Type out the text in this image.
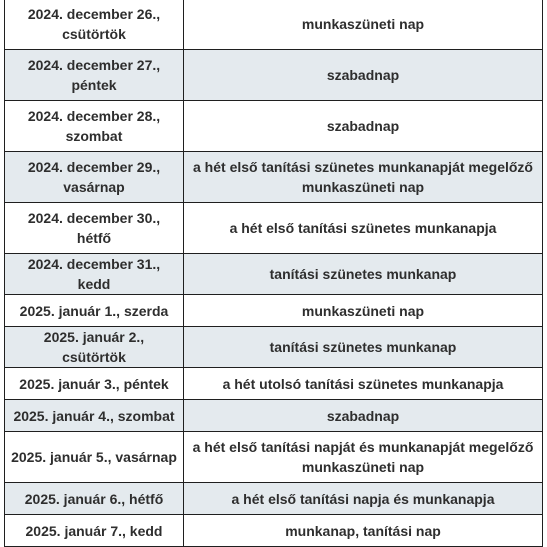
2024. december 26., csütörtök	munkaszüneti nap
2024. december 27., péntek	szabadnap
2024. december 28., szombat	szabadnap
2024. december 29., vasárnap	a hét első tanítási szünetes munkanapját megelőző munkaszüneti nap
2024. december 30., hétfő	a hét első tanítási szünetes munkanapja
2024. december 31., kedd	tanítási szünetes munkanap
2025. január 1., szerda	munkaszüneti nap
2025. január 2., csütörtök	tanítási szünetes munkanap
2025. január 3., péntek	a hét utolsó tanítási szünetes munkanapja
2025. január 4., szombat	szabadnap
2025. január 5., vasárnap	a hét első tanítási napját és munkanapját megelőző munkaszüneti nap
2025. január 6., hétfő	a hét első tanítási napja és munkanapja
2025. január 7., kedd	munkanap, tanítási nap
